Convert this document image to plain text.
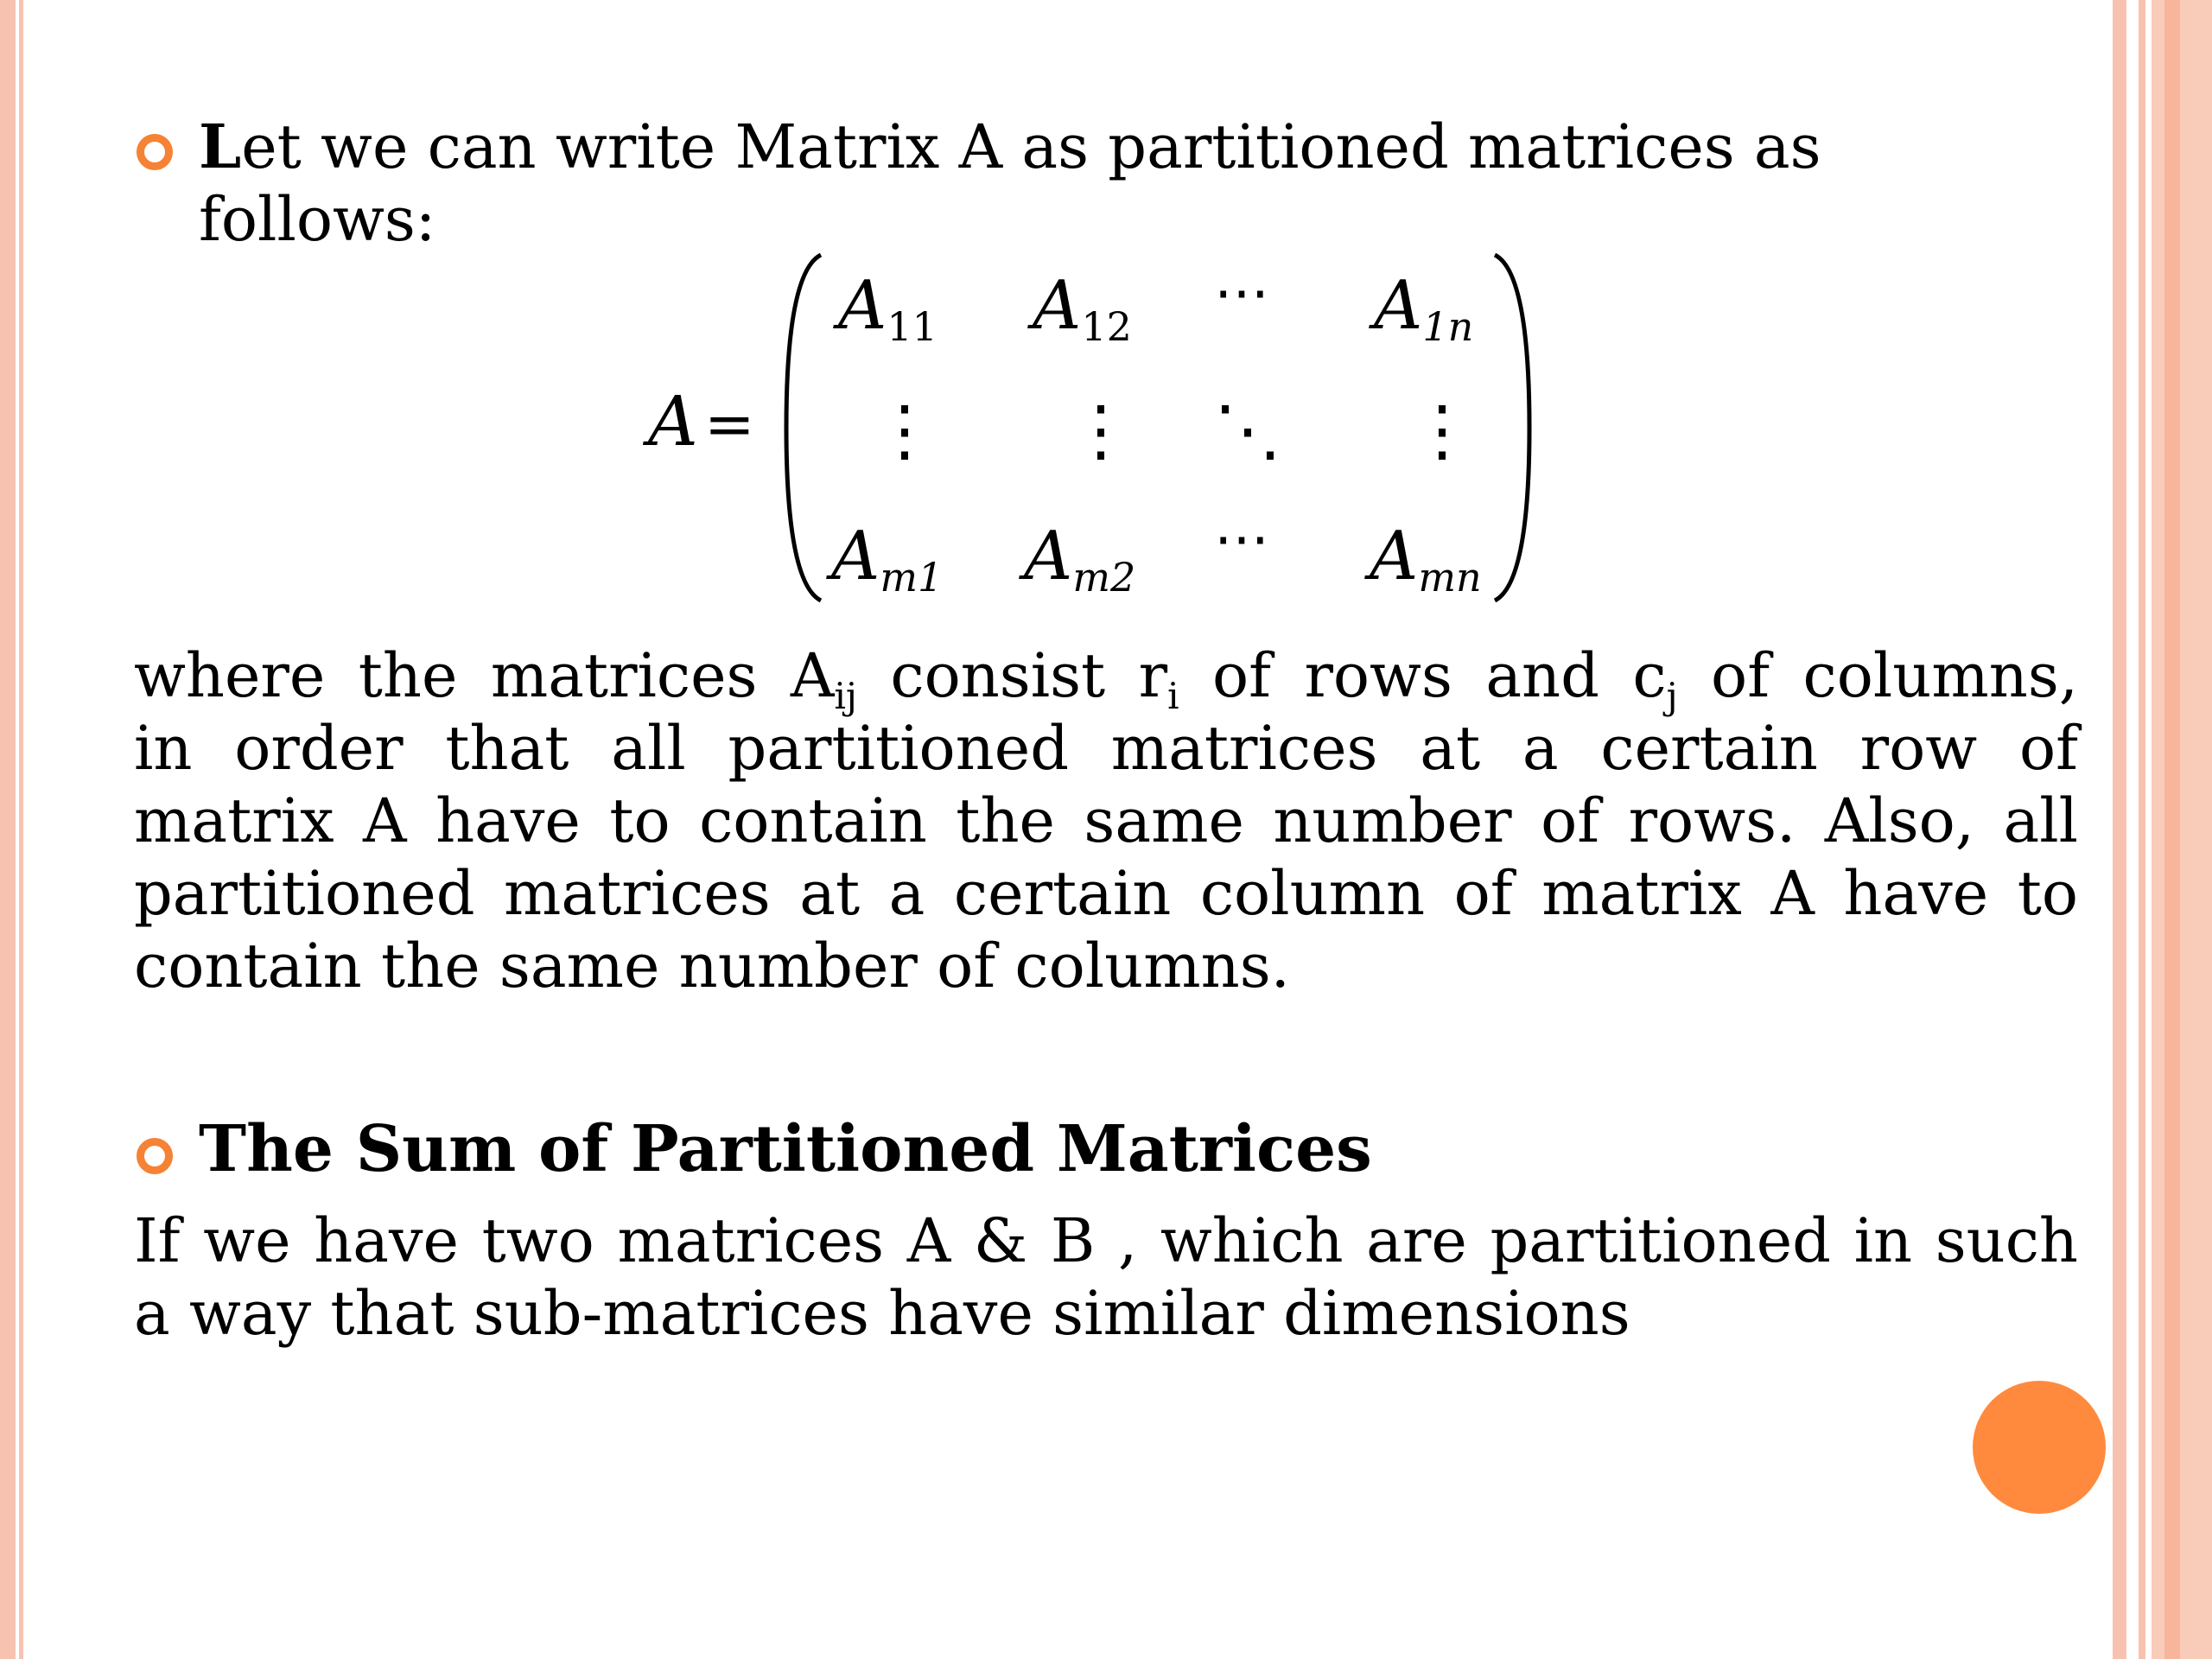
Let we can write Matrix A as partitioned matrices as
follows:
A =
A11 A12
⋯ A1n
⋮ ⋮ ⋱ ⋮
Am1 Am2
⋯ Amn
where the matrices $A_{ij}$ consist $r_i$ of rows and $c_j$ of columns,
in order that all partitioned matrices at a certain row of
matrix A have to contain the same number of rows. Also, all
partitioned matrices at a certain column of matrix A have to
contain the same number of columns.
The Sum of Partitioned Matrices
If we have two matrices A & B , which are partitioned in such
a way that sub-matrices have similar dimensions
